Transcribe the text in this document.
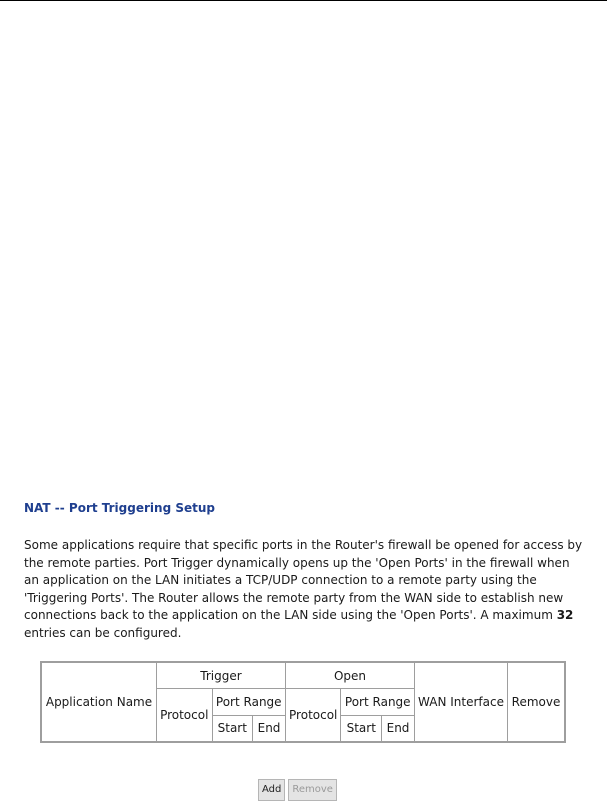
NAT -- Port Triggering Setup
Some applications require that specific ports in the Router's firewall be opened for access by
the remote parties. Port Trigger dynamically opens up the 'Open Ports' in the firewall when
an application on the LAN initiates a TCP/UDP connection to a remote party using the
'Triggering Ports'. The Router allows the remote party from the WAN side to establish new
connections back to the application on the LAN side using the 'Open Ports'. A maximum 32
entries can be configured.
Application Name	Trigger			Open			WAN Interface	Remove
	Protocol	Port Range		Protocol	Port Range			
		Start	End		Start	End		
Add Remove
